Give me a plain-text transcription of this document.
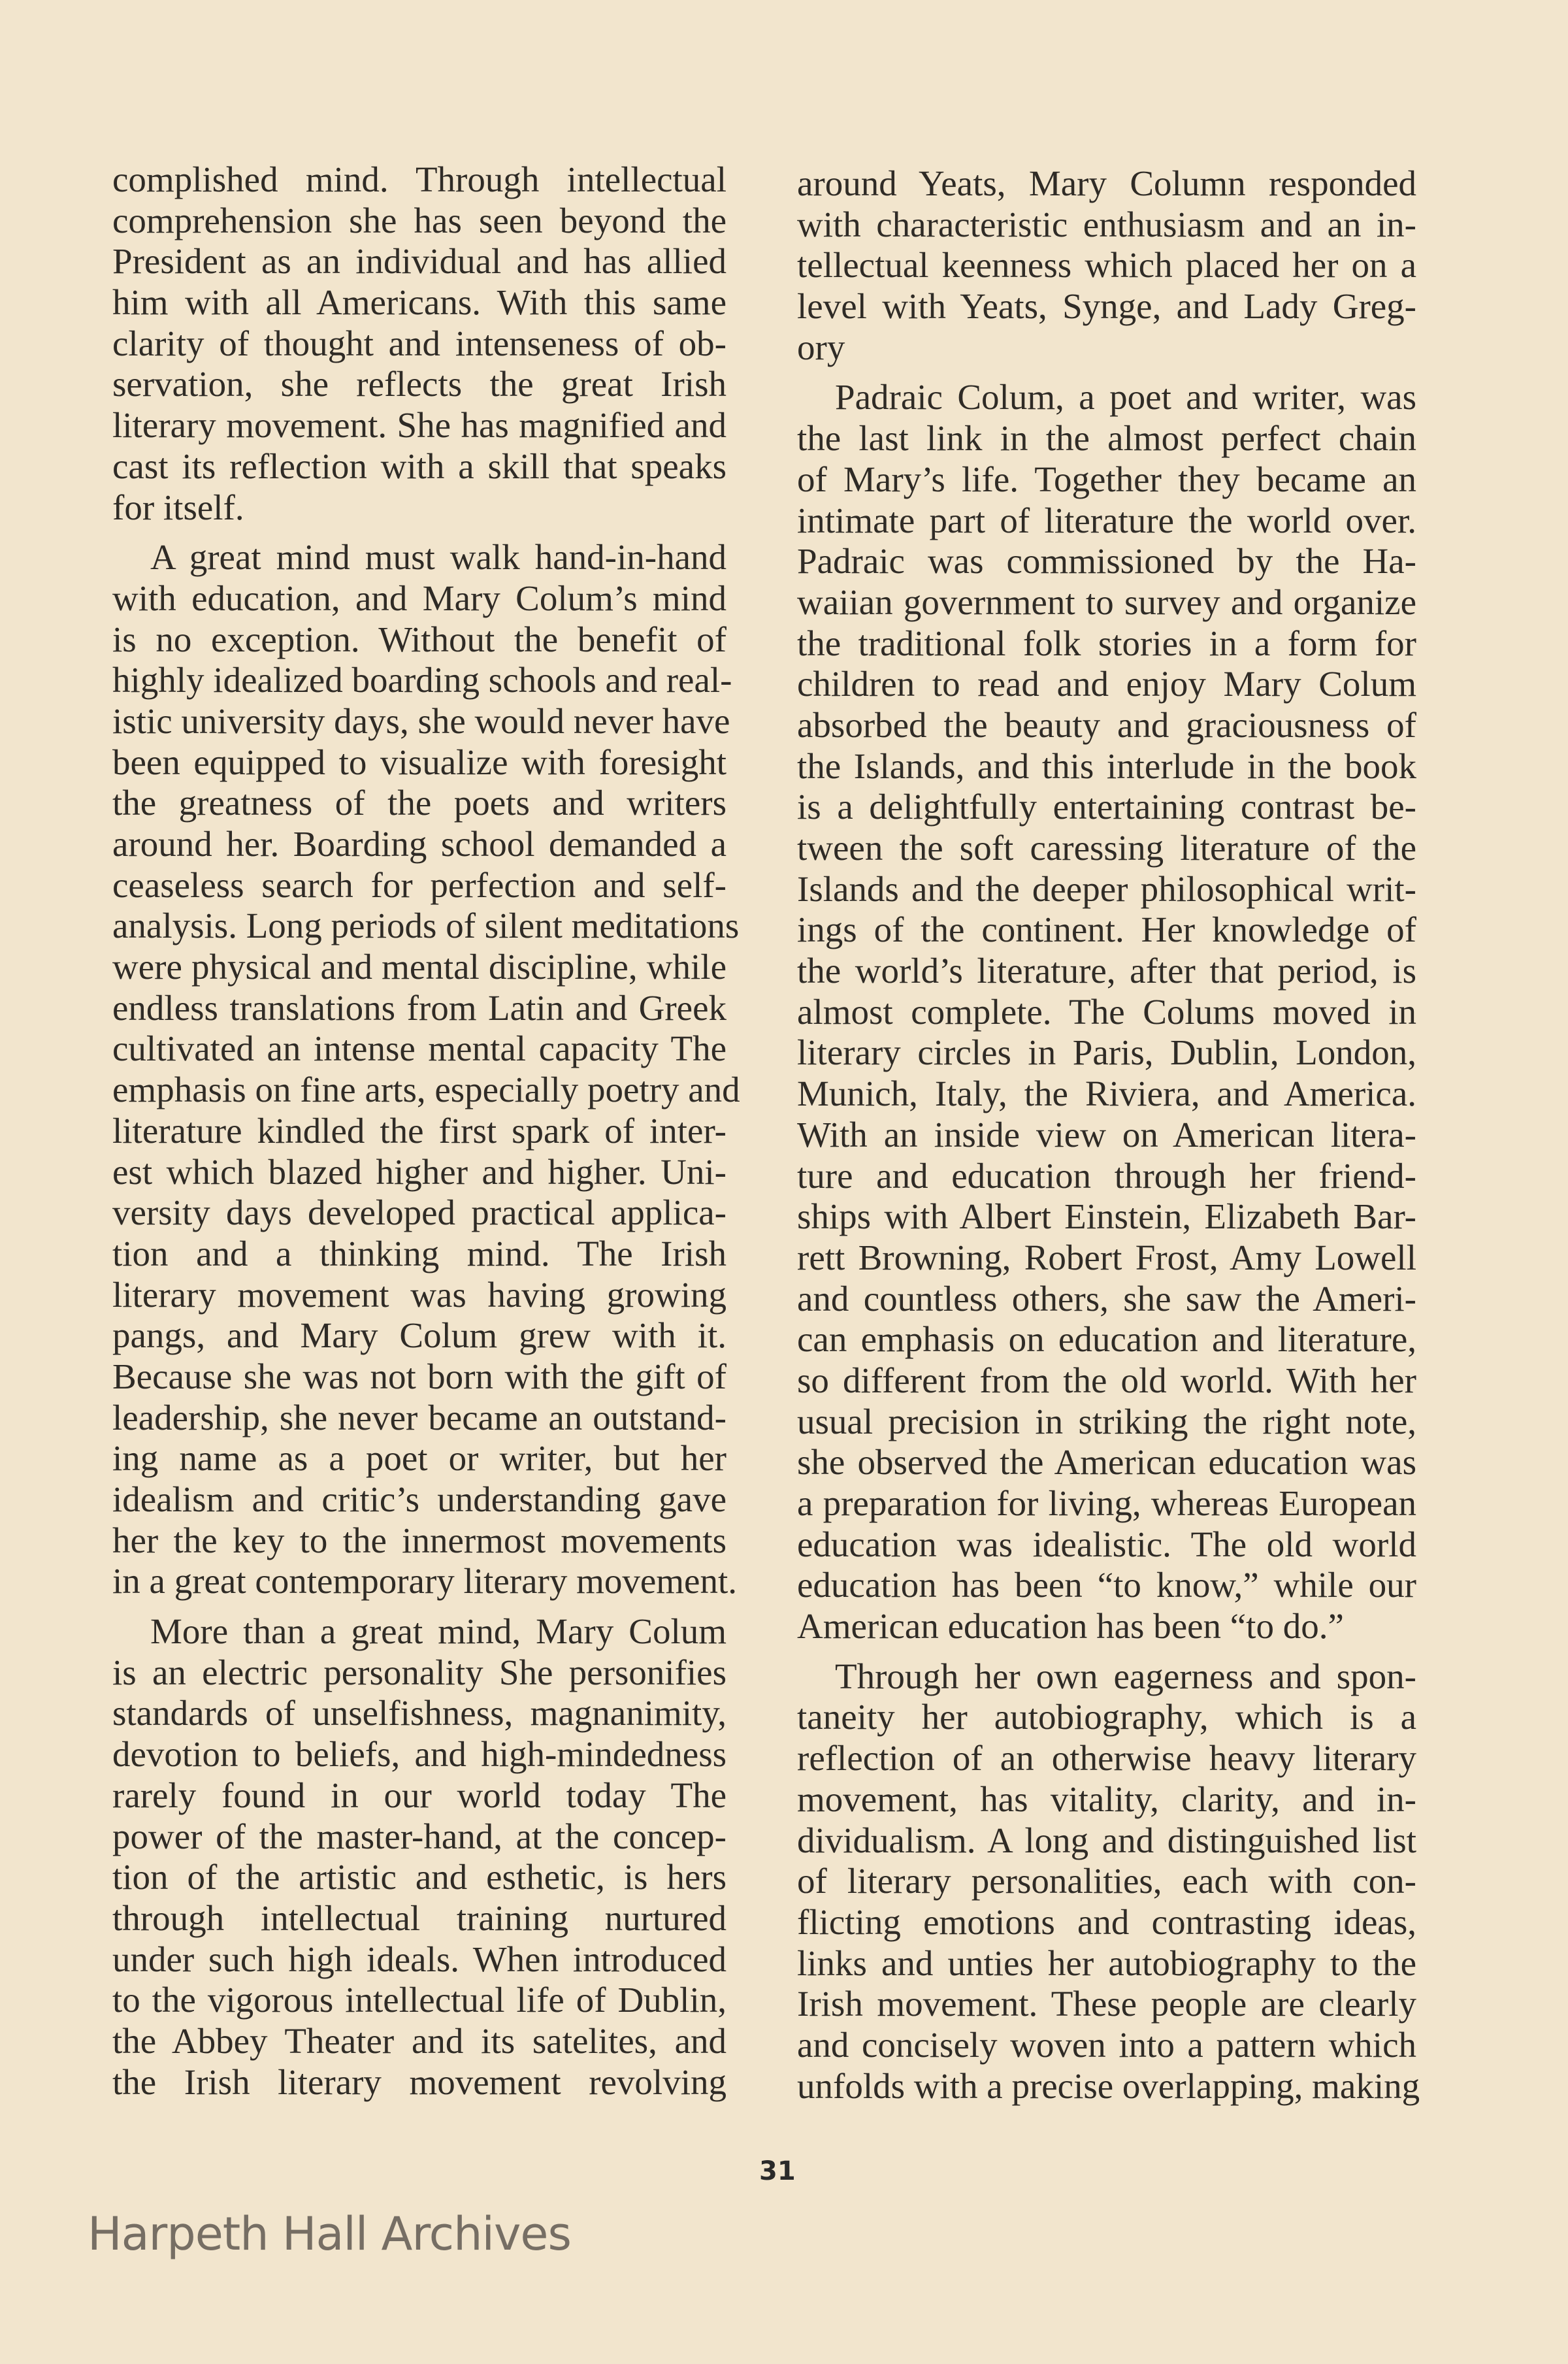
complished mind. Through intellectual
comprehension she has seen beyond the
President as an individual and has allied
him with all Americans. With this same
clarity of thought and intenseness of ob-
servation, she reflects the great Irish
literary movement. She has magnified and
cast its reflection with a skill that speaks
for itself.
A great mind must walk hand-in-hand
with education, and Mary Colum’s mind
is no exception. Without the benefit of
highly idealized boarding schools and real-
istic university days, she would never have
been equipped to visualize with foresight
the greatness of the poets and writers
around her. Boarding school demanded a
ceaseless search for perfection and self-
analysis. Long periods of silent meditations
were physical and mental discipline, while
endless translations from Latin and Greek
cultivated an intense mental capacity The
emphasis on fine arts, especially poetry and
literature kindled the first spark of inter-
est which blazed higher and higher. Uni-
versity days developed practical applica-
tion and a thinking mind. The Irish
literary movement was having growing
pangs, and Mary Colum grew with it.
Because she was not born with the gift of
leadership, she never became an outstand-
ing name as a poet or writer, but her
idealism and critic’s understanding gave
her the key to the innermost movements
in a great contemporary literary movement.
More than a great mind, Mary Colum
is an electric personality She personifies
standards of unselfishness, magnanimity,
devotion to beliefs, and high-mindedness
rarely found in our world today The
power of the master-hand, at the concep-
tion of the artistic and esthetic, is hers
through intellectual training nurtured
under such high ideals. When introduced
to the vigorous intellectual life of Dublin,
the Abbey Theater and its satelites, and
the Irish literary movement revolving
around Yeats, Mary Column responded
with characteristic enthusiasm and an in-
tellectual keenness which placed her on a
level with Yeats, Synge, and Lady Greg-
ory
Padraic Colum, a poet and writer, was
the last link in the almost perfect chain
of Mary’s life. Together they became an
intimate part of literature the world over.
Padraic was commissioned by the Ha-
waiian government to survey and organize
the traditional folk stories in a form for
children to read and enjoy Mary Colum
absorbed the beauty and graciousness of
the Islands, and this interlude in the book
is a delightfully entertaining contrast be-
tween the soft caressing literature of the
Islands and the deeper philosophical writ-
ings of the continent. Her knowledge of
the world’s literature, after that period, is
almost complete. The Colums moved in
literary circles in Paris, Dublin, London,
Munich, Italy, the Riviera, and America.
With an inside view on American litera-
ture and education through her friend-
ships with Albert Einstein, Elizabeth Bar-
rett Browning, Robert Frost, Amy Lowell
and countless others, she saw the Ameri-
can emphasis on education and literature,
so different from the old world. With her
usual precision in striking the right note,
she observed the American education was
a preparation for living, whereas European
education was idealistic. The old world
education has been “to know,” while our
American education has been “to do.”
Through her own eagerness and spon-
taneity her autobiography, which is a
reflection of an otherwise heavy literary
movement, has vitality, clarity, and in-
dividualism. A long and distinguished list
of literary personalities, each with con-
flicting emotions and contrasting ideas,
links and unties her autobiography to the
Irish movement. These people are clearly
and concisely woven into a pattern which
unfolds with a precise overlapping, making
31
Harpeth Hall Archives
